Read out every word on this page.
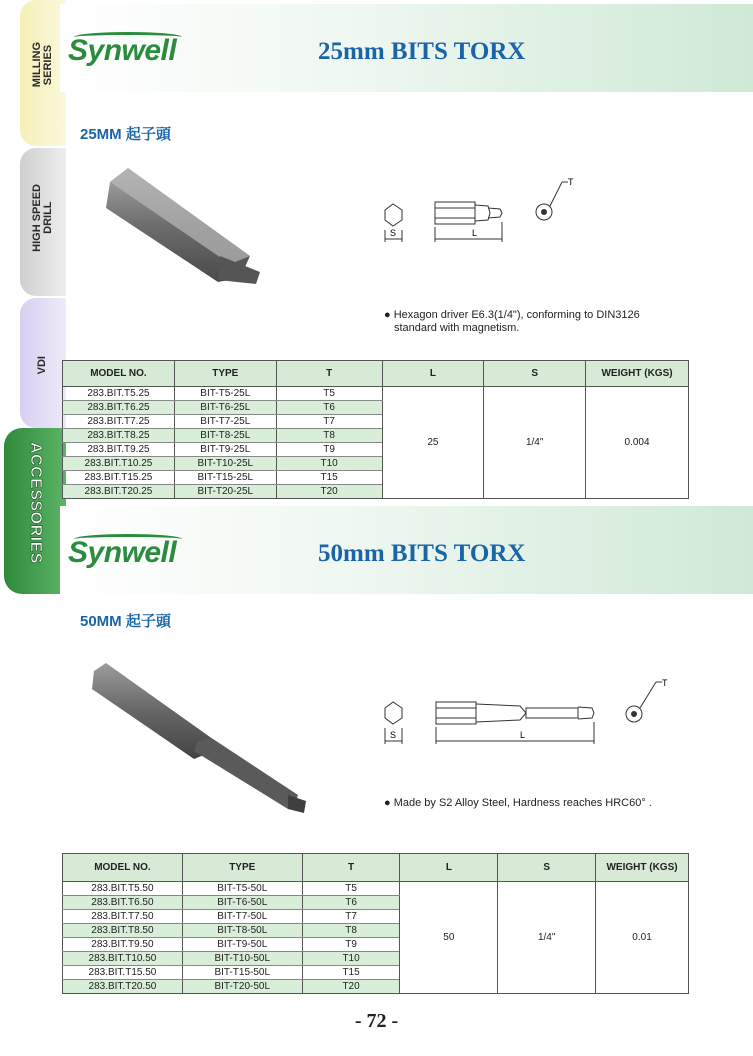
MILLING
SERIES
HIGH SPEED
DRILL
VDI
ACCESSORIES
Synwell	25mm BITS TORX
25MM 起子頭
S	L
T
● Hexagon driver E6.3(1/4"), conforming to DIN3126
standard with magnetism.
MODEL NO.	TYPE	T	L	S	WEIGHT (KGS)
283.BIT.T5.25	BIT-T5-25L	T5	25	1/4"	0.004
283.BIT.T6.25	BIT-T6-25L	T6			
283.BIT.T7.25	BIT-T7-25L	T7			
283.BIT.T8.25	BIT-T8-25L	T8			
283.BIT.T9.25	BIT-T9-25L	T9			
283.BIT.T10.25	BIT-T10-25L	T10			
283.BIT.T15.25	BIT-T15-25L	T15			
283.BIT.T20.25	BIT-T20-25L	T20			
Synwell	50mm BITS TORX
50MM 起子頭
S	L
T
● Made by S2 Alloy Steel, Hardness reaches HRC60° .
MODEL NO.	TYPE	T	L	S	WEIGHT (KGS)
283.BIT.T5.50	BIT-T5-50L	T5	50	1/4"	0.01
283.BIT.T6.50	BIT-T6-50L	T6			
283.BIT.T7.50	BIT-T7-50L	T7			
283.BIT.T8.50	BIT-T8-50L	T8			
283.BIT.T9.50	BIT-T9-50L	T9			
283.BIT.T10.50	BIT-T10-50L	T10			
283.BIT.T15.50	BIT-T15-50L	T15			
283.BIT.T20.50	BIT-T20-50L	T20			
- 72 -
